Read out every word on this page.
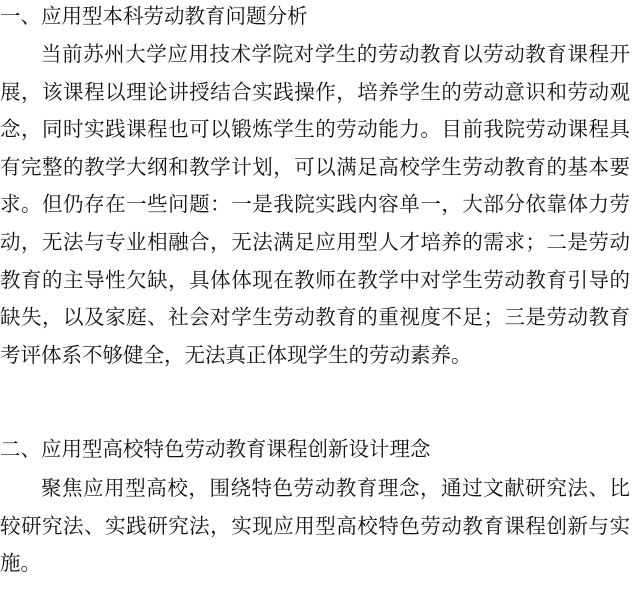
一、应用型本科劳动教育问题分析

当前苏州大学应用技术学院对学生的劳动教育以劳动教育课程开展，该课程以理论讲授结合实践操作，培养学生的劳动意识和劳动观念，同时实践课程也可以锻炼学生的劳动能力。目前我院劳动课程具有完整的教学大纲和教学计划，可以满足高校学生劳动教育的基本要求。但仍存在一些问题：一是我院实践内容单一，大部分依靠体力劳动，无法与专业相融合，无法满足应用型人才培养的需求；二是劳动教育的主导性欠缺，具体体现在教师在教学中对学生劳动教育引导的缺失，以及家庭、社会对学生劳动教育的重视度不足；三是劳动教育考评体系不够健全，无法真正体现学生的劳动素养。

二、应用型高校特色劳动教育课程创新设计理念

聚焦应用型高校，围绕特色劳动教育理念，通过文献研究法、比较研究法、实践研究法，实现应用型高校特色劳动教育课程创新与实施。
